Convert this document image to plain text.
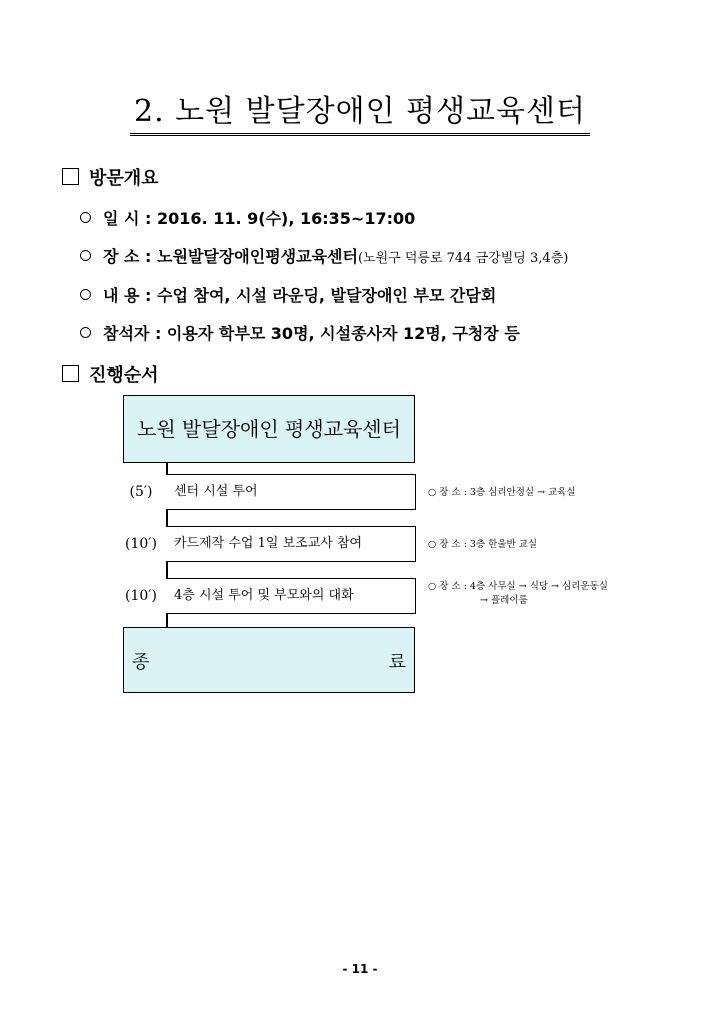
2. 노원 발달장애인 평생교육센터
방문개요
일 시 : 2016. 11. 9(수), 16:35~17:00
장 소 : 노원발달장애인평생교육센터(노원구 덕릉로 744 금강빌딩 3,4층)
내 용 : 수업 참여, 시설 라운딩, 발달장애인 부모 간담회
참석자 : 이용자 학부모 30명, 시설종사자 12명, 구청장 등
진행순서
노원 발달장애인 평생교육센터
(5′)	센터 시설 투어	○ 장 소 : 3층 심리안정실 → 교육실
(10′)	카드제작 수업 1일 보조교사 참여	○ 장 소 : 3층 한울반 교실
(10′)	4층 시설 투어 및 부모와의 대화
○ 장 소 : 4층 사무실 → 식당 → 심리운동실
→ 플레이룸
종	료
- 11 -
